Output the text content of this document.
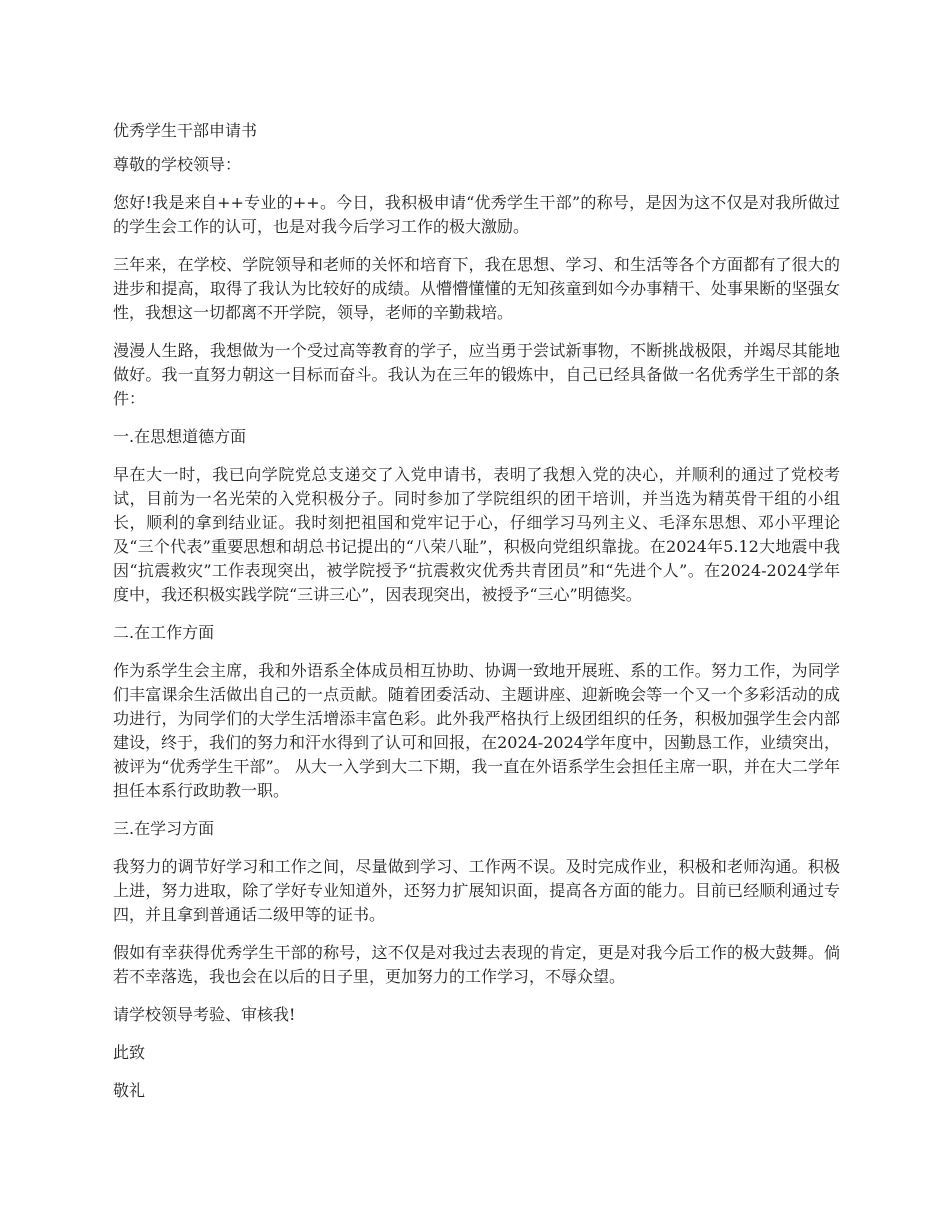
优秀学生干部申请书

尊敬的学校领导：

您好!我是来自++专业的++。今日，我积极申请“优秀学生干部”的称号，是因为这不仅是对我所做过的学生会工作的认可，也是对我今后学习工作的极大激励。

三年来，在学校、学院领导和老师的关怀和培育下，我在思想、学习、和生活等各个方面都有了很大的进步和提高，取得了我认为比较好的成绩。从懵懵懂懂的无知孩童到如今办事精干、处事果断的坚强女性，我想这一切都离不开学院，领导，老师的辛勤栽培。

漫漫人生路，我想做为一个受过高等教育的学子，应当勇于尝试新事物，不断挑战极限，并竭尽其能地做好。我一直努力朝这一目标而奋斗。我认为在三年的锻炼中，自己已经具备做一名优秀学生干部的条件：

一.在思想道德方面

早在大一时，我已向学院党总支递交了入党申请书，表明了我想入党的决心，并顺利的通过了党校考试，目前为一名光荣的入党积极分子。同时参加了学院组织的团干培训，并当选为精英骨干组的小组长，顺利的拿到结业证。我时刻把祖国和党牢记于心，仔细学习马列主义、毛泽东思想、邓小平理论及“三个代表”重要思想和胡总书记提出的“八荣八耻”，积极向党组织靠拢。在2024年5.12大地震中我因“抗震救灾”工作表现突出，被学院授予“抗震救灾优秀共青团员”和“先进个人”。在2024-2024学年度中，我还积极实践学院“三讲三心”，因表现突出，被授予“三心”明德奖。

二.在工作方面

作为系学生会主席，我和外语系全体成员相互协助、协调一致地开展班、系的工作。努力工作，为同学们丰富课余生活做出自己的一点贡献。随着团委活动、主题讲座、迎新晚会等一个又一个多彩活动的成功进行，为同学们的大学生活增添丰富色彩。此外我严格执行上级团组织的任务，积极加强学生会内部建设，终于，我们的努力和汗水得到了认可和回报，在2024-2024学年度中，因勤恳工作，业绩突出，被评为“优秀学生干部”。 从大一入学到大二下期，我一直在外语系学生会担任主席一职，并在大二学年担任本系行政助教一职。

三.在学习方面

我努力的调节好学习和工作之间，尽量做到学习、工作两不误。及时完成作业，积极和老师沟通。积极上进，努力进取，除了学好专业知道外，还努力扩展知识面，提高各方面的能力。目前已经顺利通过专四，并且拿到普通话二级甲等的证书。

假如有幸获得优秀学生干部的称号，这不仅是对我过去表现的肯定，更是对我今后工作的极大鼓舞。倘若不幸落选，我也会在以后的日子里，更加努力的工作学习，不辱众望。

请学校领导考验、审核我!

此致

敬礼
